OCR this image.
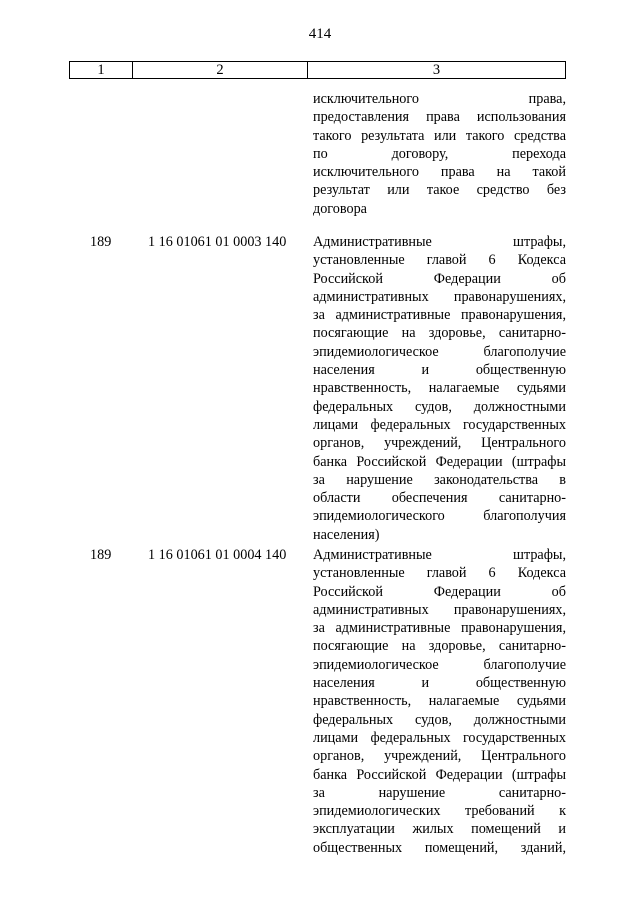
414
1	2	3
исключительного права,
предоставления права использования
такого результата или такого средства
по договору, перехода
исключительного права на такой
результат или такое средство без
договора
189	1 16 01061 01 0003 140	Административные штрафы,
установленные главой 6 Кодекса
Российской Федерации об
административных правонарушениях,
за административные правонарушения,
посягающие на здоровье, санитарно-
эпидемиологическое благополучие
населения и общественную
нравственность, налагаемые судьями
федеральных судов, должностными
лицами федеральных государственных
органов, учреждений, Центрального
банка Российской Федерации (штрафы
за нарушение законодательства в
области обеспечения санитарно-
эпидемиологического благополучия
населения)
189	1 16 01061 01 0004 140	Административные штрафы,
установленные главой 6 Кодекса
Российской Федерации об
административных правонарушениях,
за административные правонарушения,
посягающие на здоровье, санитарно-
эпидемиологическое благополучие
населения и общественную
нравственность, налагаемые судьями
федеральных судов, должностными
лицами федеральных государственных
органов, учреждений, Центрального
банка Российской Федерации (штрафы
за нарушение санитарно-
эпидемиологических требований к
эксплуатации жилых помещений и
общественных помещений, зданий,
